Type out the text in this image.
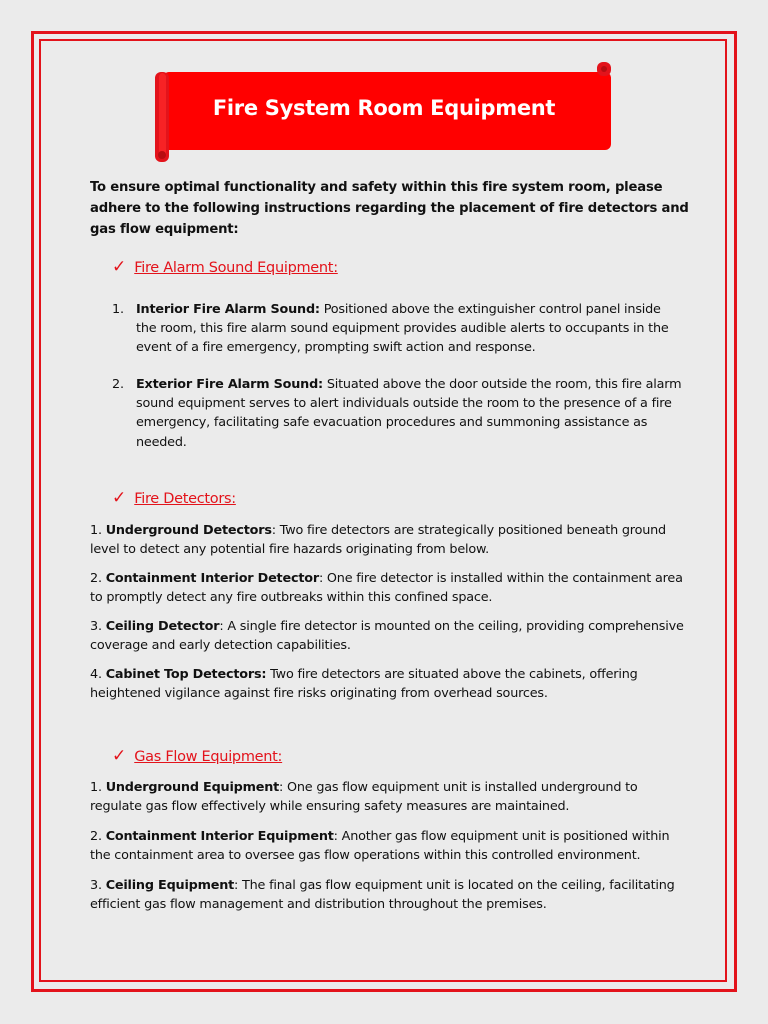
Fire System Room Equipment
To ensure optimal functionality and safety within this fire system room, please adhere to the following instructions regarding the placement of fire detectors and gas flow equipment:
✓ Fire Alarm Sound Equipment:
1. Interior Fire Alarm Sound: Positioned above the extinguisher control panel inside the room, this fire alarm sound equipment provides audible alerts to occupants in the event of a fire emergency, prompting swift action and response.
2. Exterior Fire Alarm Sound: Situated above the door outside the room, this fire alarm sound equipment serves to alert individuals outside the room to the presence of a fire emergency, facilitating safe evacuation procedures and summoning assistance as needed.
✓ Fire Detectors:
1. Underground Detectors: Two fire detectors are strategically positioned beneath ground level to detect any potential fire hazards originating from below.
2. Containment Interior Detector: One fire detector is installed within the containment area to promptly detect any fire outbreaks within this confined space.
3. Ceiling Detector: A single fire detector is mounted on the ceiling, providing comprehensive coverage and early detection capabilities.
4. Cabinet Top Detectors: Two fire detectors are situated above the cabinets, offering heightened vigilance against fire risks originating from overhead sources.
✓ Gas Flow Equipment:
1. Underground Equipment: One gas flow equipment unit is installed underground to regulate gas flow effectively while ensuring safety measures are maintained.
2. Containment Interior Equipment: Another gas flow equipment unit is positioned within the containment area to oversee gas flow operations within this controlled environment.
3. Ceiling Equipment: The final gas flow equipment unit is located on the ceiling, facilitating efficient gas flow management and distribution throughout the premises.
